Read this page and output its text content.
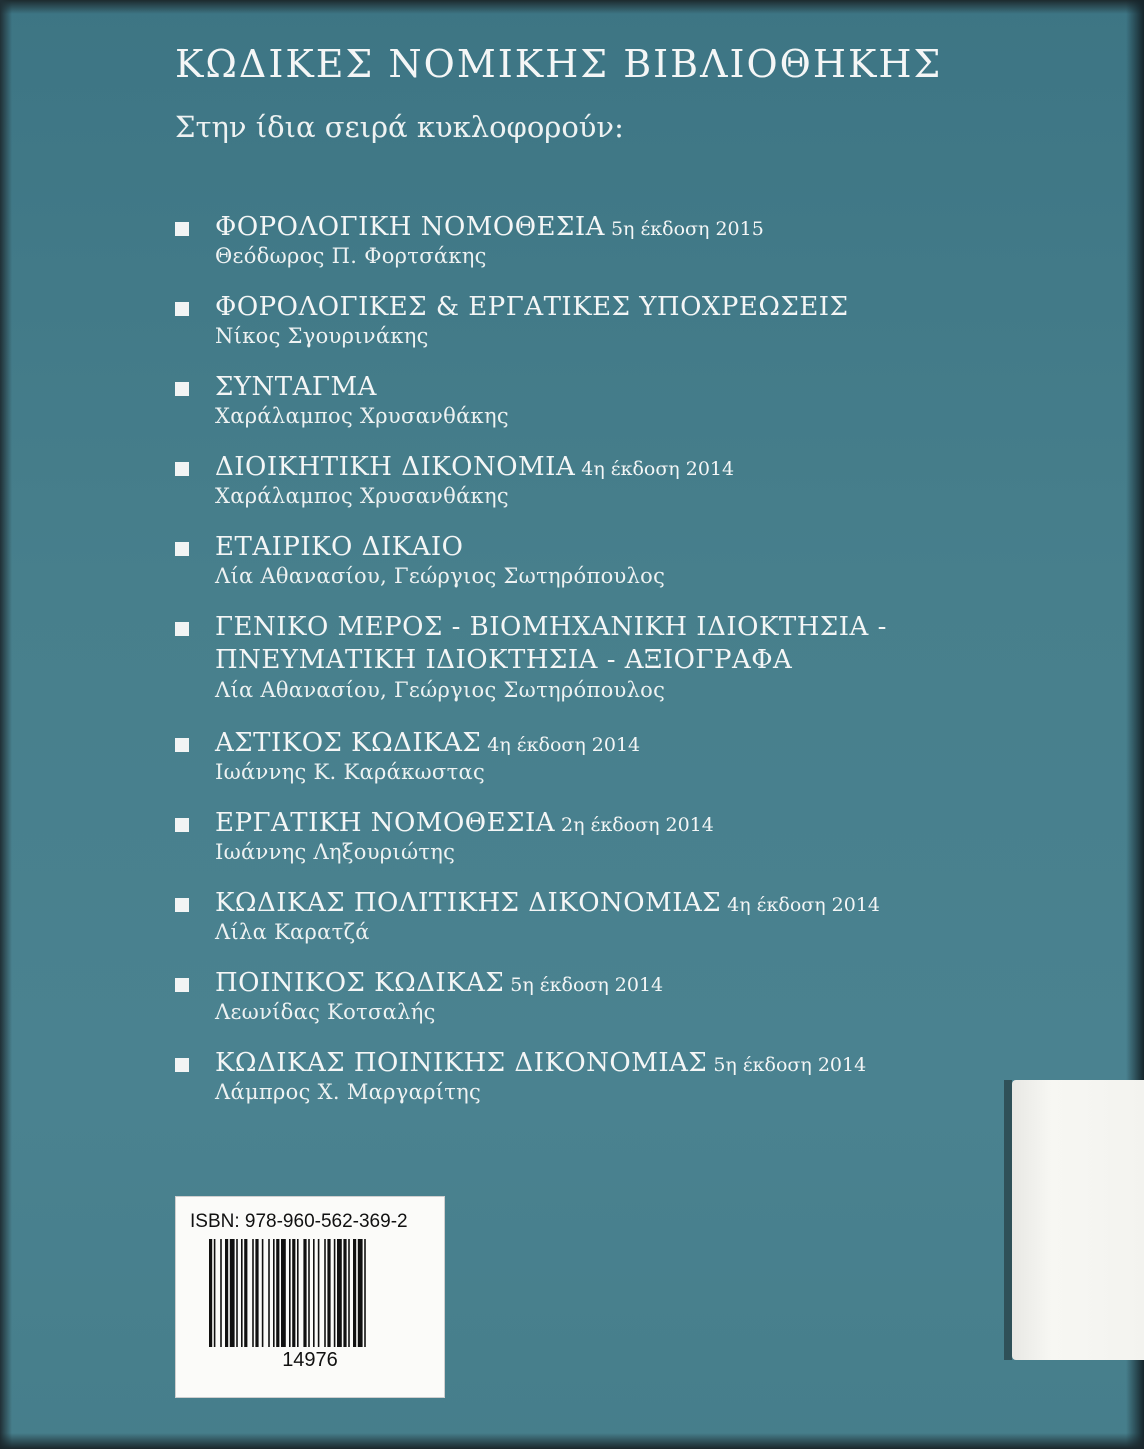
ΚΩΔΙΚΕΣ ΝΟΜΙΚΗΣ ΒΙΒΛΙΟΘΗΚΗΣ
Στην ίδια σειρά κυκλοφορούν:
ΦΟΡΟΛΟΓΙΚΗ ΝΟΜΟΘΕΣΙΑ 5η έκδοση 2015
Θεόδωρος Π. Φορτσάκης
ΦΟΡΟΛΟΓΙΚΕΣ & ΕΡΓΑΤΙΚΕΣ ΥΠΟΧΡΕΩΣΕΙΣ
Νίκος Σγουρινάκης
ΣΥΝΤΑΓΜΑ
Χαράλαμπος Χρυσανθάκης
ΔΙΟΙΚΗΤΙΚΗ ΔΙΚΟΝΟΜΙΑ 4η έκδοση 2014
Χαράλαμπος Χρυσανθάκης
ΕΤΑΙΡΙΚΟ ΔΙΚΑΙΟ
Λία Αθανασίου, Γεώργιος Σωτηρόπουλος
ΓΕΝΙΚΟ ΜΕΡΟΣ - ΒΙΟΜΗΧΑΝΙΚΗ ΙΔΙΟΚΤΗΣΙΑ -
ΠΝΕΥΜΑΤΙΚΗ ΙΔΙΟΚΤΗΣΙΑ - ΑΞΙΟΓΡΑΦΑ
Λία Αθανασίου, Γεώργιος Σωτηρόπουλος
ΑΣΤΙΚΟΣ ΚΩΔΙΚΑΣ 4η έκδοση 2014
Ιωάννης Κ. Καράκωστας
ΕΡΓΑΤΙΚΗ ΝΟΜΟΘΕΣΙΑ 2η έκδοση 2014
Ιωάννης Ληξουριώτης
ΚΩΔΙΚΑΣ ΠΟΛΙΤΙΚΗΣ ΔΙΚΟΝΟΜΙΑΣ 4η έκδοση 2014
Λίλα Καρατζά
ΠΟΙΝΙΚΟΣ ΚΩΔΙΚΑΣ 5η έκδοση 2014
Λεωνίδας Κοτσαλής
ΚΩΔΙΚΑΣ ΠΟΙΝΙΚΗΣ ΔΙΚΟΝΟΜΙΑΣ 5η έκδοση 2014
Λάμπρος Χ. Μαργαρίτης
ISBN: 978-960-562-369-2
14976
